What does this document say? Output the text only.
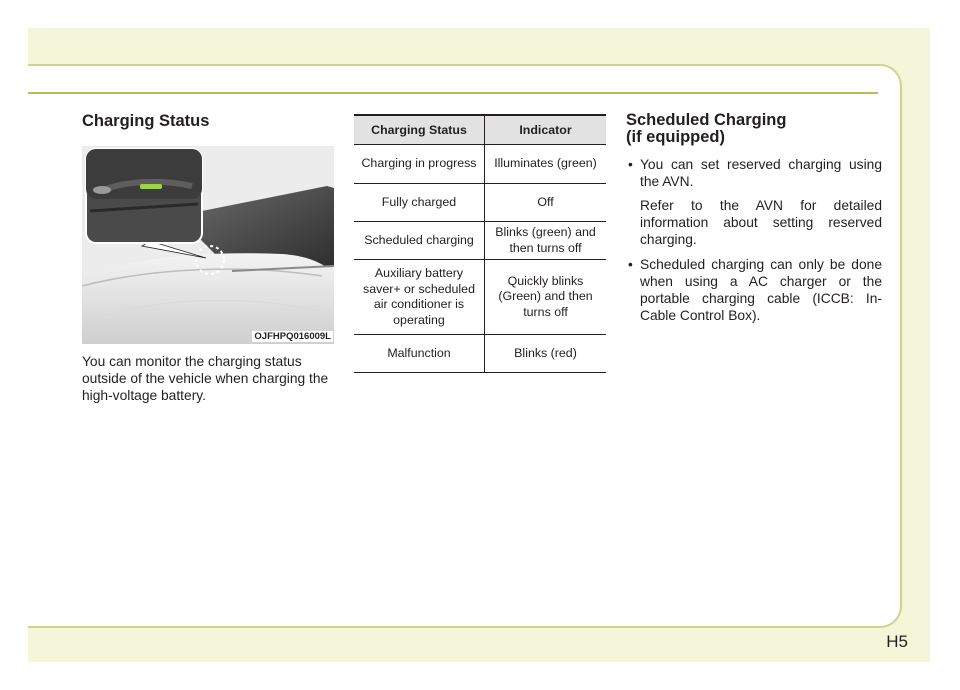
Charging Status
OJFHPQ016009L

You can monitor the charging status outside of the vehicle when charging the high-voltage battery.

Charging Status	Indicator
Charging in progress	Illuminates (green)
Fully charged	Off
Scheduled charging	Blinks (green) and then turns off
Auxiliary battery saver+ or scheduled air conditioner is operating	Quickly blinks (Green) and then turns off
Malfunction	Blinks (red)
Scheduled Charging
(if equipped)
• You can set reserved charging using the AVN.

Refer to the AVN for detailed information about setting reserved charging.

• Scheduled charging can only be done when using a AC charger or the portable charging cable (ICCB: In-Cable Control Box).
H5
